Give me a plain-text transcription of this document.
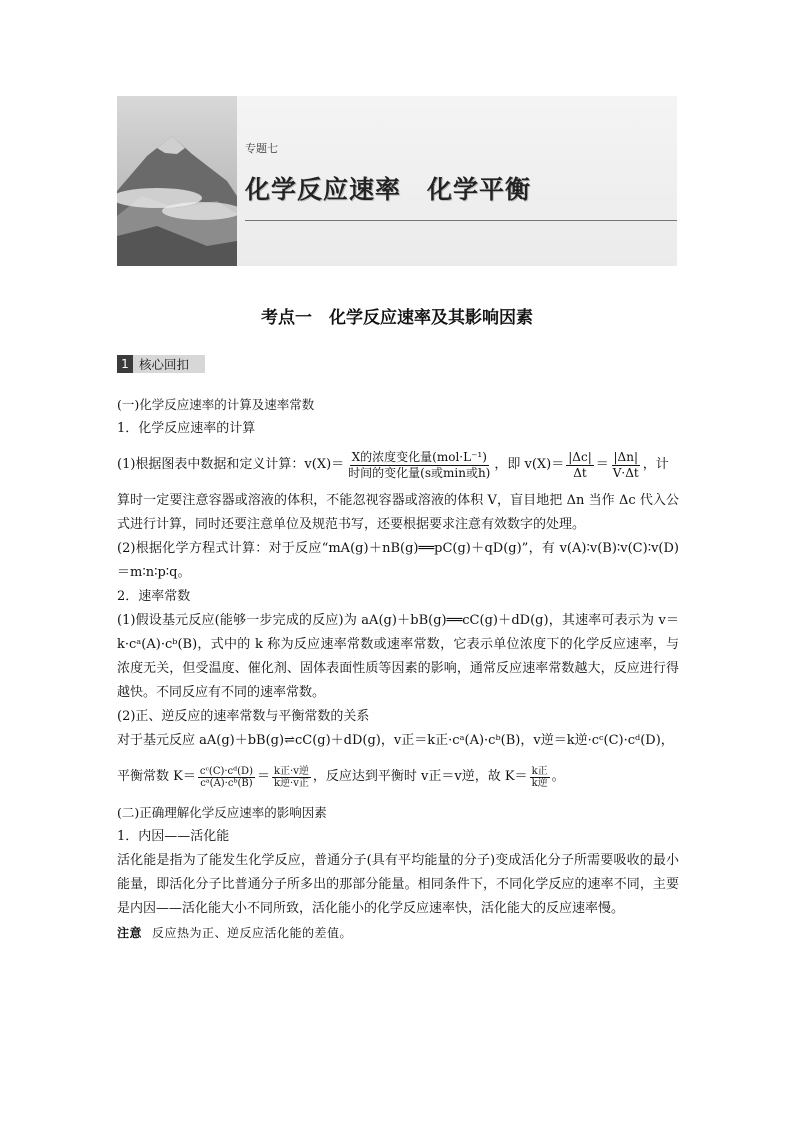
专题七
化学反应速率　化学平衡
考点一　化学反应速率及其影响因素
1 核心回扣

(一)化学反应速率的计算及速率常数

1．化学反应速率的计算

(1)根据图表中数据和定义计算：$v(X)= \frac{\text{X的浓度变化量(mol·L⁻¹)}}{\text{时间的变化量(s或min或h)}}$ ，即 $v(X)= \frac{|\Delta c|}{\Delta t} = \frac{|\Delta n|}{V\cdot\Delta t}$ ，计

算时一定要注意容器或溶液的体积，不能忽视容器或溶液的体积 V，盲目地把 Δn 当作 Δc 代入公式进行计算，同时还要注意单位及规范书写，还要根据要求注意有效数字的处理。

(2)根据化学方程式计算：对于反应“mA(g)＋nB(g)══pC(g)＋qD(g)”，有 v(A)∶v(B)∶v(C)∶v(D)＝m∶n∶p∶q。

2．速率常数

(1)假设基元反应(能够一步完成的反应)为 aA(g)＋bB(g)══cC(g)＋dD(g)，其速率可表示为 v＝k·cᵃ(A)·cᵇ(B)，式中的 k 称为反应速率常数或速率常数，它表示单位浓度下的化学反应速率，与浓度无关，但受温度、催化剂、固体表面性质等因素的影响，通常反应速率常数越大，反应进行得越快。不同反应有不同的速率常数。

(2)正、逆反应的速率常数与平衡常数的关系

对于基元反应 aA(g)＋bB(g)⇌cC(g)＋dD(g)，v正＝k正·cᵃ(A)·cᵇ(B)，v逆＝k逆·cᶜ(C)·cᵈ(D)，

平衡常数 $K= \frac{\text{cᶜ(C)·cᵈ(D)}}{\text{cᵃ(A)·cᵇ(B)}} = \frac{\text{k正·v逆}}{\text{k逆·v正}}$ ，反应达到平衡时 v正＝v逆，故 $K= \frac{\text{k正}}{\text{k逆}}$ 。

(二)正确理解化学反应速率的影响因素

1．内因——活化能

活化能是指为了能发生化学反应，普通分子(具有平均能量的分子)变成活化分子所需要吸收的最小能量，即活化分子比普通分子所多出的那部分能量。相同条件下，不同化学反应的速率不同，主要是内因——活化能大小不同所致，活化能小的化学反应速率快，活化能大的反应速率慢。

注意 反应热为正、逆反应活化能的差值。
